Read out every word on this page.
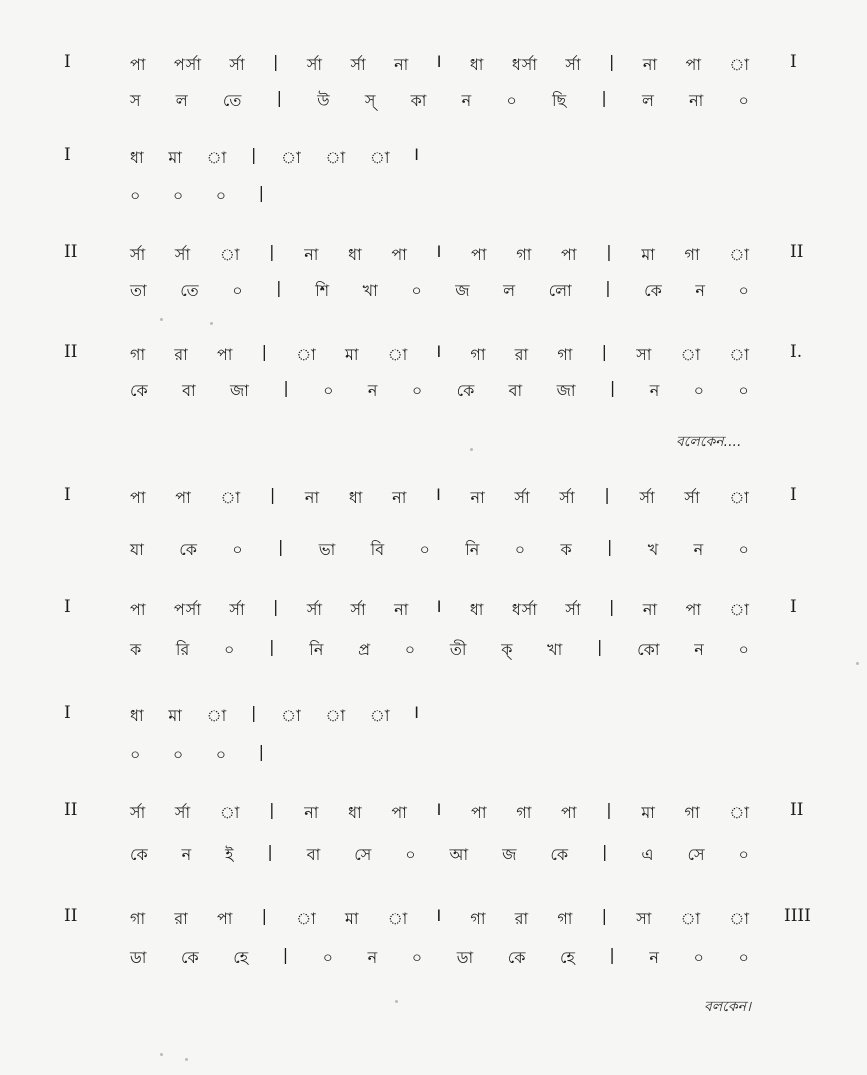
I	I
পা পর্সা র্সা | র্সা র্সা না I ধা ধর্সা র্সা | না পা া
স ল তে | উ স্ কা ন ০ ছি | ল না ০
I	ধা মা া | া া া I
০ ০ ০ |
II	II
র্সা র্সা া | না ধা পা I পা গা পা | মা গা া
তা তে ০ | শি খা ০ জ ল লো | কে ন ০
II	I.
গা রা পা | া মা া I গা রা গা | সা া া
কে বা জা | ০ ন ০ কে বা জা | ন ০ ০
I	I
পা পা া | না ধা না I না র্সা র্সা | র্সা র্সা া
যা কে ০ | ভা বি ০ নি ০ ক | খ ন ০
I	I
পা পর্সা র্সা | র্সা র্সা না I ধা ধর্সা র্সা | না পা া
ক রি ০ | নি প্র ০ তী ক্ খা | কো ন ০
I	ধা মা া | া া া I
০ ০ ০ |
II	II
র্সা র্সা া | না ধা পা I পা গা পা | মা গা া
কে ন ই | বা সে ০ আ জ কে | এ সে ০
II	IIII
গা রা পা | া মা া I গা রা গা | সা া া
ডা কে হে | ০ ন ০ ডা কে হে | ন ০ ০
বলেকেন....
বলকেন।
